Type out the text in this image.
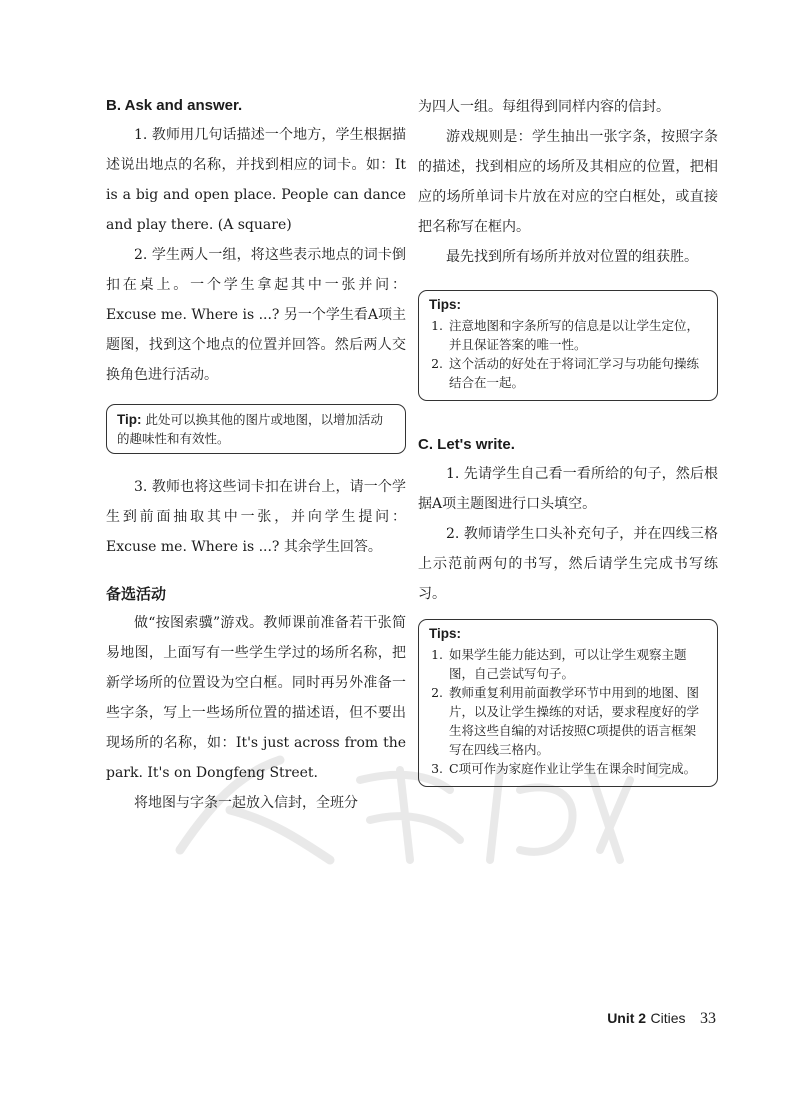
B. Ask and answer.

1. 教师用几句话描述一个地方，学生根据描述说出地点的名称，并找到相应的词卡。如：It is a big and open place. People can dance and play there. (A square)

2. 学生两人一组，将这些表示地点的词卡倒扣在桌上。一个学生拿起其中一张并问：Excuse me. Where is ...? 另一个学生看A项主题图，找到这个地点的位置并回答。然后两人交换角色进行活动。

Tip: 此处可以换其他的图片或地图，以增加活动的趣味性和有效性。

3. 教师也将这些词卡扣在讲台上，请一个学生到前面抽取其中一张，并向学生提问：Excuse me. Where is ...? 其余学生回答。

备选活动

做“按图索骥”游戏。教师课前准备若干张简易地图，上面写有一些学生学过的场所名称，把新学场所的位置设为空白框。同时再另外准备一些字条，写上一些场所位置的描述语，但不要出现场所的名称，如：It's just across from the park. It's on Dongfeng Street.

将地图与字条一起放入信封，全班分

为四人一组。每组得到同样内容的信封。

游戏规则是：学生抽出一张字条，按照字条的描述，找到相应的场所及其相应的位置，把相应的场所单词卡片放在对应的空白框处，或直接把名称写在框内。

最先找到所有场所并放对位置的组获胜。

Tips:
1. 注意地图和字条所写的信息是以让学生定位，并且保证答案的唯一性。
2. 这个活动的好处在于将词汇学习与功能句操练结合在一起。
C. Let's write.

1. 先请学生自己看一看所给的句子，然后根据A项主题图进行口头填空。

2. 教师请学生口头补充句子，并在四线三格上示范前两句的书写，然后请学生完成书写练习。

Tips:
1. 如果学生能力能达到，可以让学生观察主题图，自己尝试写句子。
2. 教师重复利用前面教学环节中用到的地图、图片，以及让学生操练的对话，要求程度好的学生将这些自编的对话按照C项提供的语言框架写在四线三格内。
3. C项可作为家庭作业让学生在课余时间完成。
Unit 2 Cities 33
